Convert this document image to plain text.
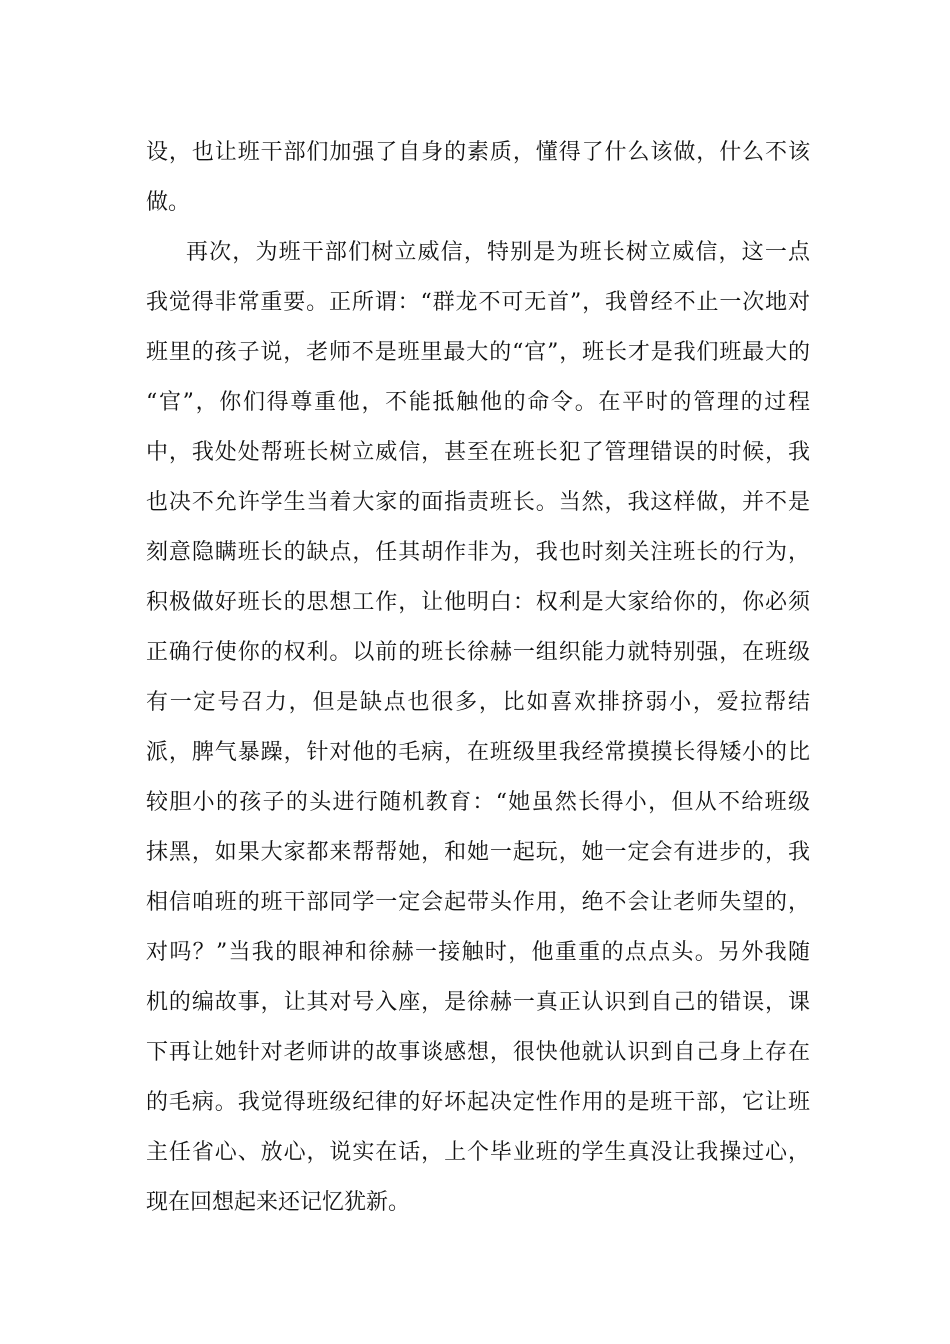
设，也让班干部们加强了自身的素质，懂得了什么该做，什么不该
做。
再次，为班干部们树立威信，特别是为班长树立威信，这一点
我觉得非常重要。正所谓：“群龙不可无首”，我曾经不止一次地对
班里的孩子说，老师不是班里最大的“官”，班长才是我们班最大的
“官”，你们得尊重他，不能抵触他的命令。在平时的管理的过程
中，我处处帮班长树立威信，甚至在班长犯了管理错误的时候，我
也决不允许学生当着大家的面指责班长。当然，我这样做，并不是
刻意隐瞒班长的缺点，任其胡作非为，我也时刻关注班长的行为，
积极做好班长的思想工作，让他明白：权利是大家给你的，你必须
正确行使你的权利。以前的班长徐赫一组织能力就特别强，在班级
有一定号召力，但是缺点也很多，比如喜欢排挤弱小，爱拉帮结
派，脾气暴躁，针对他的毛病，在班级里我经常摸摸长得矮小的比
较胆小的孩子的头进行随机教育：“她虽然长得小，但从不给班级
抹黑，如果大家都来帮帮她，和她一起玩，她一定会有进步的，我
相信咱班的班干部同学一定会起带头作用，绝不会让老师失望的，
对吗？”当我的眼神和徐赫一接触时，他重重的点点头。另外我随
机的编故事，让其对号入座，是徐赫一真正认识到自己的错误，课
下再让她针对老师讲的故事谈感想，很快他就认识到自己身上存在
的毛病。我觉得班级纪律的好坏起决定性作用的是班干部，它让班
主任省心、放心，说实在话，上个毕业班的学生真没让我操过心，
现在回想起来还记忆犹新。
